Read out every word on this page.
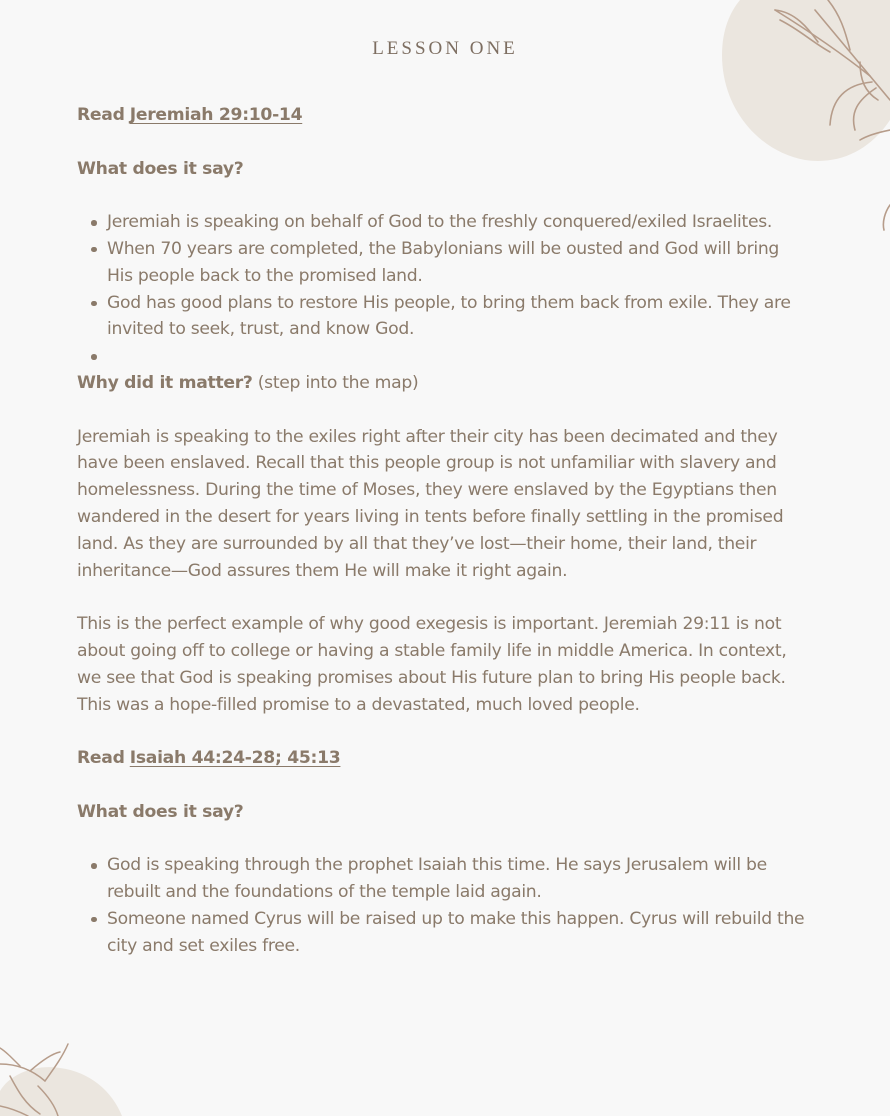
LESSON ONE

Read Jeremiah 29:10-14

What does it say?

Jeremiah is speaking on behalf of God to the freshly conquered/exiled Israelites.
When 70 years are completed, the Babylonians will be ousted and God will bring His people back to the promised land.
God has good plans to restore His people, to bring them back from exile. They are invited to seek, trust, and know God.

Why did it matter? (step into the map)

Jeremiah is speaking to the exiles right after their city has been decimated and they have been enslaved. Recall that this people group is not unfamiliar with slavery and homelessness. During the time of Moses, they were enslaved by the Egyptians then wandered in the desert for years living in tents before finally settling in the promised land. As they are surrounded by all that they’ve lost—their home, their land, their inheritance—God assures them He will make it right again.

This is the perfect example of why good exegesis is important. Jeremiah 29:11 is not about going off to college or having a stable family life in middle America. In context, we see that God is speaking promises about His future plan to bring His people back. This was a hope-filled promise to a devastated, much loved people.

Read Isaiah 44:24-28; 45:13

What does it say?

God is speaking through the prophet Isaiah this time. He says Jerusalem will be rebuilt and the foundations of the temple laid again.
Someone named Cyrus will be raised up to make this happen. Cyrus will rebuild the city and set exiles free.
